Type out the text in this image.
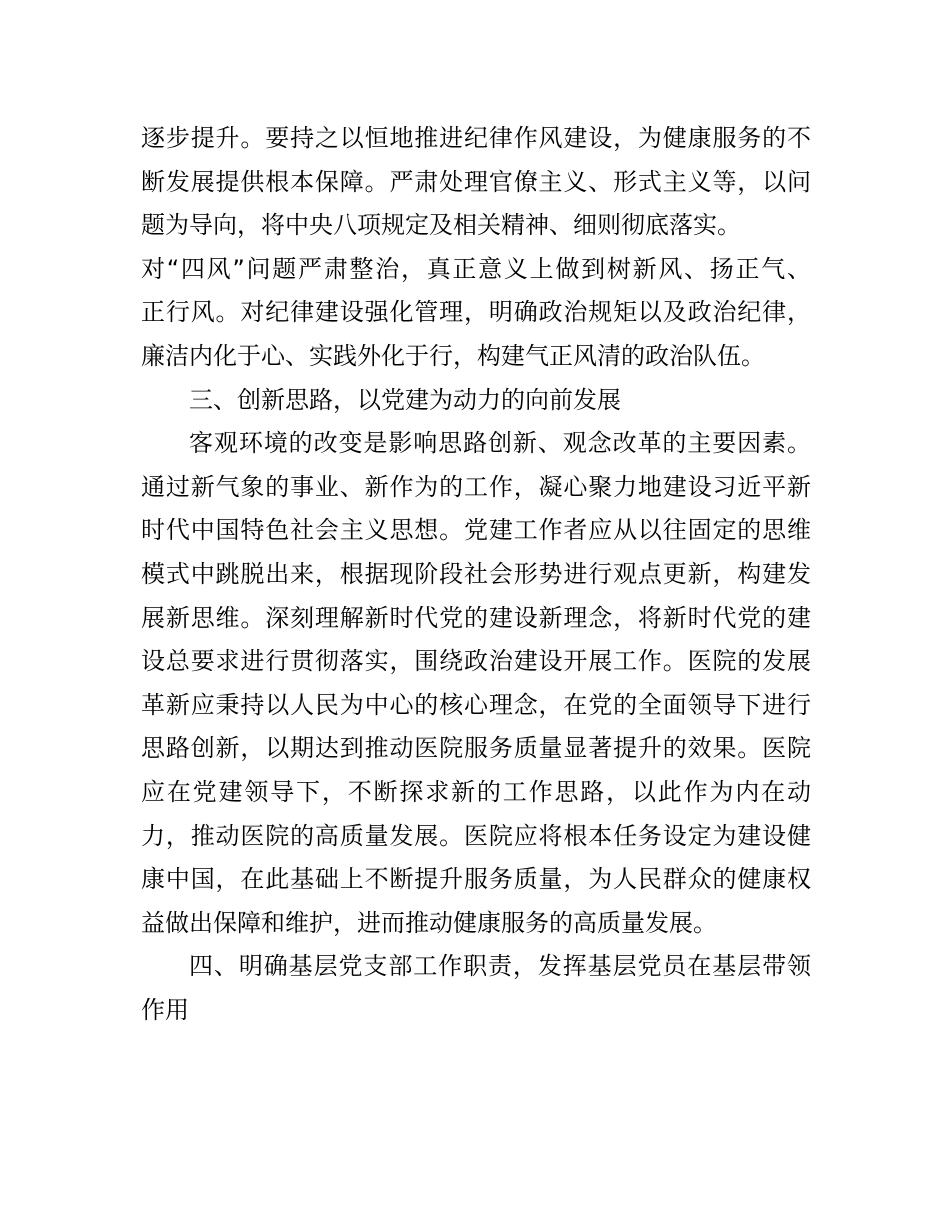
逐步提升。要持之以恒地推进纪律作风建设，为健康服务的不
断发展提供根本保障。严肃处理官僚主义、形式主义等，以问
题为导向，将中央八项规定及相关精神、细则彻底落实。
对“四风”问题严肃整治，真正意义上做到树新风、扬正气、
正行风。对纪律建设强化管理，明确政治规矩以及政治纪律，
廉洁内化于心、实践外化于行，构建气正风清的政治队伍。
三、创新思路，以党建为动力的向前发展
客观环境的改变是影响思路创新、观念改革的主要因素。
通过新气象的事业、新作为的工作，凝心聚力地建设习近平新
时代中国特色社会主义思想。党建工作者应从以往固定的思维
模式中跳脱出来，根据现阶段社会形势进行观点更新，构建发
展新思维。深刻理解新时代党的建设新理念，将新时代党的建
设总要求进行贯彻落实，围绕政治建设开展工作。医院的发展
革新应秉持以人民为中心的核心理念，在党的全面领导下进行
思路创新，以期达到推动医院服务质量显著提升的效果。医院
应在党建领导下，不断探求新的工作思路，以此作为内在动
力，推动医院的高质量发展。医院应将根本任务设定为建设健
康中国，在此基础上不断提升服务质量，为人民群众的健康权
益做出保障和维护，进而推动健康服务的高质量发展。
四、明确基层党支部工作职责，发挥基层党员在基层带领
作用
